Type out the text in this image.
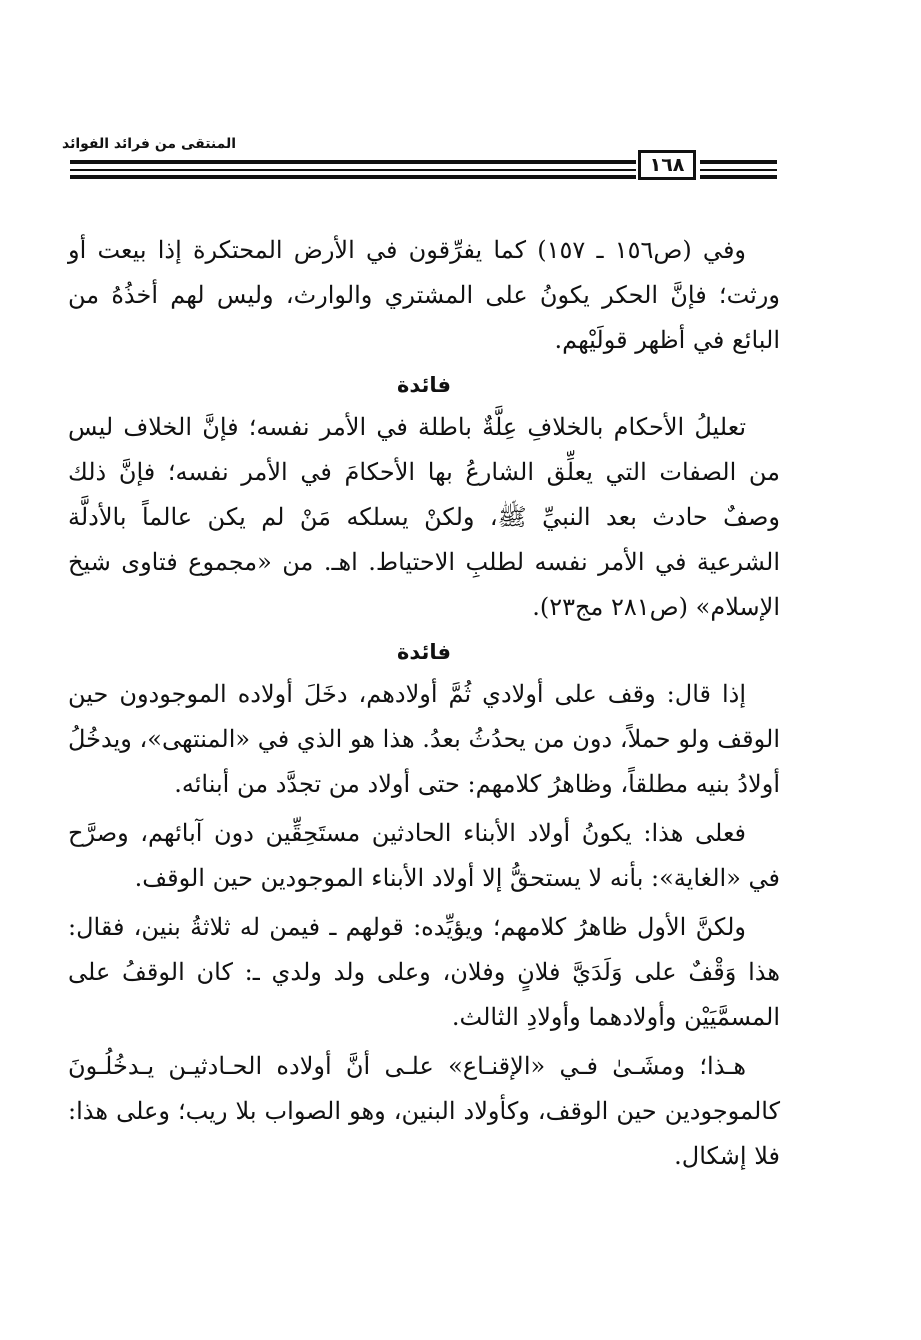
المنتقى من فرائد الفوائد
١٦٨

وفي (ص١٥٦ ـ ١٥٧) كما يفرِّقون في الأرض المحتكرة إذا بيعت أو ورثت؛ فإنَّ الحكر يكونُ على المشتري والوارث، وليس لهم أخذُهُ من البائع في أظهر قولَيْهم.

فائدة

تعليلُ الأحكام بالخلافِ عِلَّةٌ باطلة في الأمر نفسه؛ فإنَّ الخلاف ليس من الصفات التي يعلِّق الشارعُ بها الأحكامَ في الأمر نفسه؛ فإنَّ ذلك وصفٌ حادث بعد النبيِّ ﷺ، ولكنْ يسلكه مَنْ لم يكن عالماً بالأدلَّة الشرعية في الأمر نفسه لطلبِ الاحتياط. اهـ. من «مجموع فتاوى شيخ الإسلام» (ص٢٨١ مج٢٣).

فائدة

إذا قال: وقف على أولادي ثُمَّ أولادهم، دخَلَ أولاده الموجودون حين الوقف ولو حملاً، دون من يحدُثُ بعدُ. هذا هو الذي في «المنتهى»، ويدخُلُ أولادُ بنيه مطلقاً، وظاهرُ كلامهم: حتى أولاد من تجدَّد من أبنائه.

فعلى هذا: يكونُ أولاد الأبناء الحادثين مستَحِقِّين دون آبائهم، وصرَّح في «الغاية»: بأنه لا يستحقُّ إلا أولاد الأبناء الموجودين حين الوقف.

ولكنَّ الأول ظاهرُ كلامهم؛ ويؤيِّده: قولهم ـ فيمن له ثلاثةُ بنين، فقال: هذا وَقْفٌ على وَلَدَيَّ فلانٍ وفلان، وعلى ولد ولدي ـ: كان الوقفُ على المسمَّيَيْن وأولادهما وأولادِ الثالث.

هـذا؛ ومشَـىٰ فـي «الإقنـاع» علـى أنَّ أولاده الحـادثيـن يـدخُلُـونَ كالموجودين حين الوقف، وكأولاد البنين، وهو الصواب بلا ريب؛ وعلى هذا: فلا إشكال.
